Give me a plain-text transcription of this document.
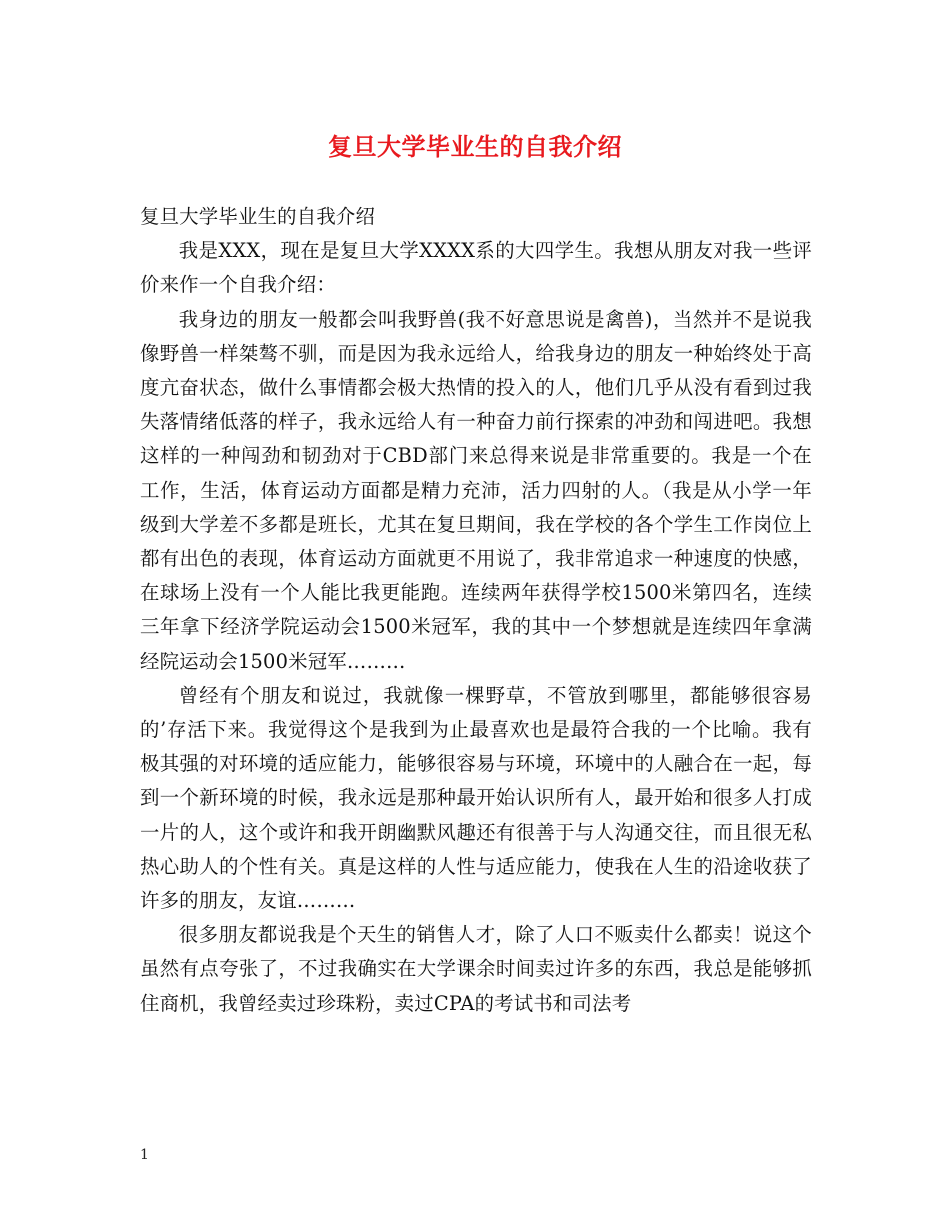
复旦大学毕业生的自我介绍

复旦大学毕业生的自我介绍

我是XXX，现在是复旦大学XXXX系的大四学生。我想从朋友对我一些评价来作一个自我介绍：

我身边的朋友一般都会叫我野兽(我不好意思说是禽兽)，当然并不是说我像野兽一样桀骜不驯，而是因为我永远给人，给我身边的朋友一种始终处于高度亢奋状态，做什么事情都会极大热情的投入的人，他们几乎从没有看到过我失落情绪低落的样子，我永远给人有一种奋力前行探索的冲劲和闯进吧。我想这样的一种闯劲和韧劲对于CBD部门来总得来说是非常重要的。我是一个在工作，生活，体育运动方面都是精力充沛，活力四射的人。（我是从小学一年级到大学差不多都是班长，尤其在复旦期间，我在学校的各个学生工作岗位上都有出色的表现，体育运动方面就更不用说了，我非常追求一种速度的快感，在球场上没有一个人能比我更能跑。连续两年获得学校1500米第四名，连续三年拿下经济学院运动会1500米冠军，我的其中一个梦想就是连续四年拿满经院运动会1500米冠军………

曾经有个朋友和说过，我就像一棵野草，不管放到哪里，都能够很容易的’存活下来。我觉得这个是我到为止最喜欢也是最符合我的一个比喻。我有极其强的对环境的适应能力，能够很容易与环境，环境中的人融合在一起，每到一个新环境的时候，我永远是那种最开始认识所有人，最开始和很多人打成一片的人，这个或许和我开朗幽默风趣还有很善于与人沟通交往，而且很无私热心助人的个性有关。真是这样的人性与适应能力，使我在人生的沿途收获了许多的朋友，友谊………

很多朋友都说我是个天生的销售人才，除了人口不贩卖什么都卖！说这个虽然有点夸张了，不过我确实在大学课余时间卖过许多的东西，我总是能够抓住商机，我曾经卖过珍珠粉，卖过CPA的考试书和司法考

1
